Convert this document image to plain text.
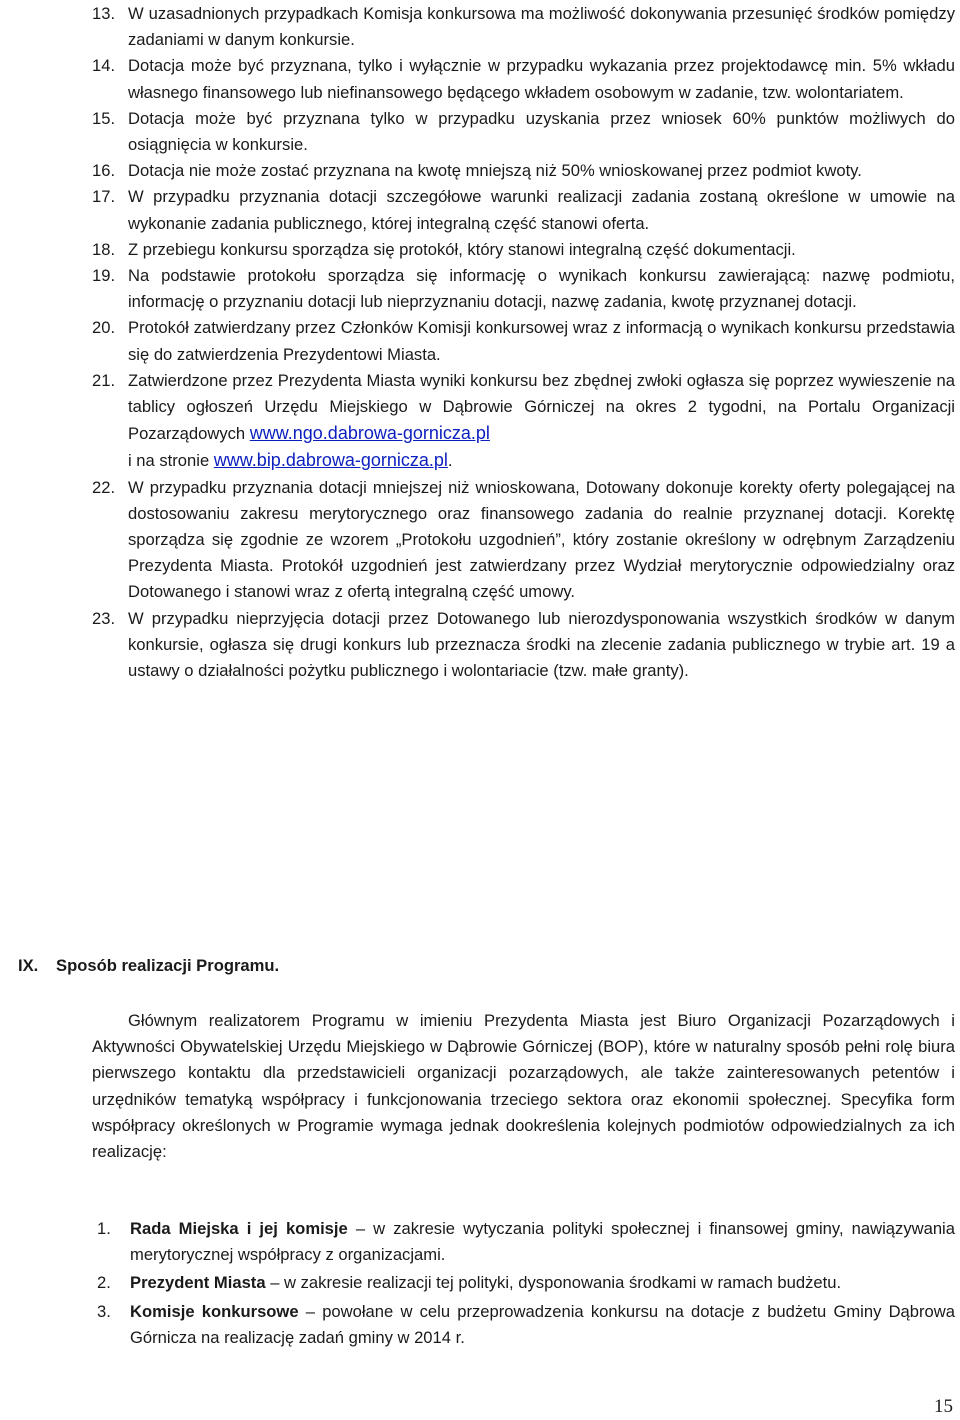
13. W uzasadnionych przypadkach Komisja konkursowa ma możliwość dokonywania przesunięć środków pomiędzy zadaniami w danym konkursie.
14. Dotacja może być przyznana, tylko i wyłącznie w przypadku wykazania przez projektodawcę min. 5% wkładu własnego finansowego lub niefinansowego będącego wkładem osobowym w zadanie, tzw. wolontariatem.
15. Dotacja może być przyznana tylko w przypadku uzyskania przez wniosek 60% punktów możliwych do osiągnięcia w konkursie.
16. Dotacja nie może zostać przyznana na kwotę mniejszą niż 50% wnioskowanej przez podmiot kwoty.
17. W przypadku przyznania dotacji szczegółowe warunki realizacji zadania zostaną określone w umowie na wykonanie zadania publicznego, której integralną część stanowi oferta.
18. Z przebiegu konkursu sporządza się protokół, który stanowi integralną część dokumentacji.
19. Na podstawie protokołu sporządza się informację o wynikach konkursu zawierającą: nazwę podmiotu, informację o przyznaniu dotacji lub nieprzyznaniu dotacji, nazwę zadania, kwotę przyznanej dotacji.
20. Protokół zatwierdzany przez Członków Komisji konkursowej wraz z informacją o wynikach konkursu przedstawia się do zatwierdzenia Prezydentowi Miasta.
21. Zatwierdzone przez Prezydenta Miasta wyniki konkursu bez zbędnej zwłoki ogłasza się poprzez wywieszenie na tablicy ogłoszeń Urzędu Miejskiego w Dąbrowie Górniczej na okres 2 tygodni, na Portalu Organizacji Pozarządowych www.ngo.dabrowa-gornicza.pl
i na stronie www.bip.dabrowa-gornicza.pl.
22. W przypadku przyznania dotacji mniejszej niż wnioskowana, Dotowany dokonuje korekty oferty polegającej na dostosowaniu zakresu merytorycznego oraz finansowego zadania do realnie przyznanej dotacji. Korektę sporządza się zgodnie ze wzorem „Protokołu uzgodnień”, który zostanie określony w odrębnym Zarządzeniu Prezydenta Miasta. Protokół uzgodnień jest zatwierdzany przez Wydział merytorycznie odpowiedzialny oraz Dotowanego i stanowi wraz z ofertą integralną część umowy.
23. W przypadku nieprzyjęcia dotacji przez Dotowanego lub nierozdysponowania wszystkich środków w danym konkursie, ogłasza się drugi konkurs lub przeznacza środki na zlecenie zadania publicznego w trybie art. 19 a ustawy o działalności pożytku publicznego i wolontariacie (tzw. małe granty).
IX. Sposób realizacji Programu.
Głównym realizatorem Programu w imieniu Prezydenta Miasta jest Biuro Organizacji Pozarządowych i Aktywności Obywatelskiej Urzędu Miejskiego w Dąbrowie Górniczej (BOP), które w naturalny sposób pełni rolę biura pierwszego kontaktu dla przedstawicieli organizacji pozarządowych, ale także zainteresowanych petentów i urzędników tematyką współpracy i funkcjonowania trzeciego sektora oraz ekonomii społecznej. Specyfika form współpracy określonych w Programie wymaga jednak dookreślenia kolejnych podmiotów odpowiedzialnych za ich realizację:
1. Rada Miejska i jej komisje – w zakresie wytyczania polityki społecznej i finansowej gminy, nawiązywania merytorycznej współpracy z organizacjami.
2. Prezydent Miasta – w zakresie realizacji tej polityki, dysponowania środkami w ramach budżetu.
3. Komisje konkursowe – powołane w celu przeprowadzenia konkursu na dotacje z budżetu Gminy Dąbrowa Górnicza na realizację zadań gminy w 2014 r.
15
